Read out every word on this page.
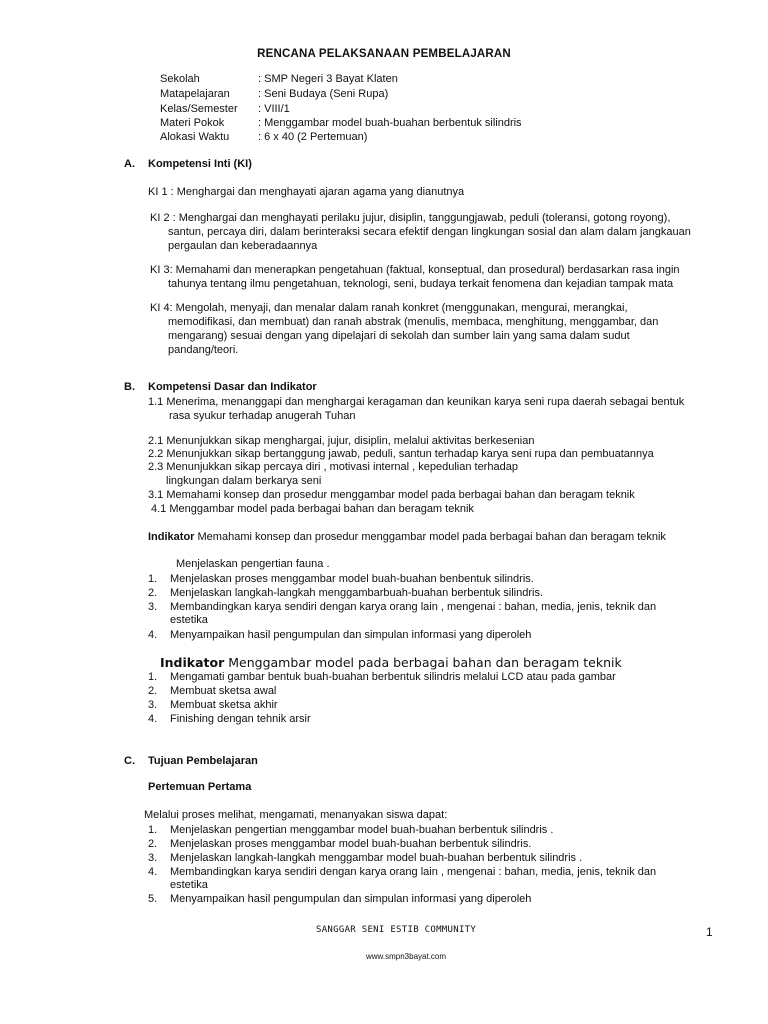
RENCANA PELAKSANAAN PEMBELAJARAN
Sekolah	: SMP Negeri 3 Bayat Klaten
Matapelajaran	: Seni Budaya (Seni Rupa)
Kelas/Semester : VIII/1
Materi Pokok	: Menggambar model buah-buahan berbentuk silindris
Alokasi Waktu	: 6 x 40 (2 Pertemuan)
A. Kompetensi Inti (KI)
KI 1 : Menghargai dan menghayati ajaran agama yang dianutnya
KI 2 : Menghargai dan menghayati perilaku jujur, disiplin, tanggungjawab, peduli (toleransi, gotong royong),
santun, percaya diri, dalam berinteraksi secara efektif dengan lingkungan sosial dan alam dalam jangkauan
pergaulan dan keberadaannya
KI 3: Memahami dan menerapkan pengetahuan (faktual, konseptual, dan prosedural) berdasarkan rasa ingin
tahunya tentang ilmu pengetahuan, teknologi, seni, budaya terkait fenomena dan kejadian tampak mata
KI 4: Mengolah, menyaji, dan menalar dalam ranah konkret (menggunakan, mengurai, merangkai,
memodifikasi, dan membuat) dan ranah abstrak (menulis, membaca, menghitung, menggambar, dan
mengarang) sesuai dengan yang dipelajari di sekolah dan sumber lain yang sama dalam sudut
pandang/teori.
B. Kompetensi Dasar dan Indikator
1.1 Menerima, menanggapi dan menghargai keragaman dan keunikan karya seni rupa daerah sebagai bentuk
rasa syukur terhadap anugerah Tuhan
2.1 Menunjukkan sikap menghargai, jujur, disiplin, melalui aktivitas berkesenian
2.2 Menunjukkan sikap bertanggung jawab, peduli, santun terhadap karya seni rupa dan pembuatannya
2.3 Menunjukkan sikap percaya diri , motivasi internal , kepedulian terhadap
lingkungan dalam berkarya seni
3.1 Memahami konsep dan prosedur menggambar model pada berbagai bahan dan beragam teknik
4.1 Menggambar model pada berbagai bahan dan beragam teknik
Indikator Memahami konsep dan prosedur menggambar model pada berbagai bahan dan beragam teknik
Menjelaskan pengertian fauna .
1. Menjelaskan proses menggambar model buah-buahan benbentuk silindris.
2. Menjelaskan langkah-langkah menggambarbuah-buahan berbentuk silindris.
3. Membandingkan karya sendiri dengan karya orang lain , mengenai : bahan, media, jenis, teknik dan
estetika
4. Menyampaikan hasil pengumpulan dan simpulan informasi yang diperoleh
Indikator Menggambar model pada berbagai bahan dan beragam teknik
1. Mengamati gambar bentuk buah-buahan berbentuk silindris melalui LCD atau pada gambar
2. Membuat sketsa awal
3. Membuat sketsa akhir
4. Finishing dengan tehnik arsir
C. Tujuan Pembelajaran
Pertemuan Pertama
Melalui proses melihat, mengamati, menanyakan siswa dapat:
1. Menjelaskan pengertian menggambar model buah-buahan berbentuk silindris .
2. Menjelaskan proses menggambar model buah-buahan berbentuk silindris.
3. Menjelaskan langkah-langkah menggambar model buah-buahan berbentuk silindris .
4. Membandingkan karya sendiri dengan karya orang lain , mengenai : bahan, media, jenis, teknik dan
estetika
5. Menyampaikan hasil pengumpulan dan simpulan informasi yang diperoleh
SANGGAR SENI ESTIB COMMUNITY	1
www.smpn3bayat.com
